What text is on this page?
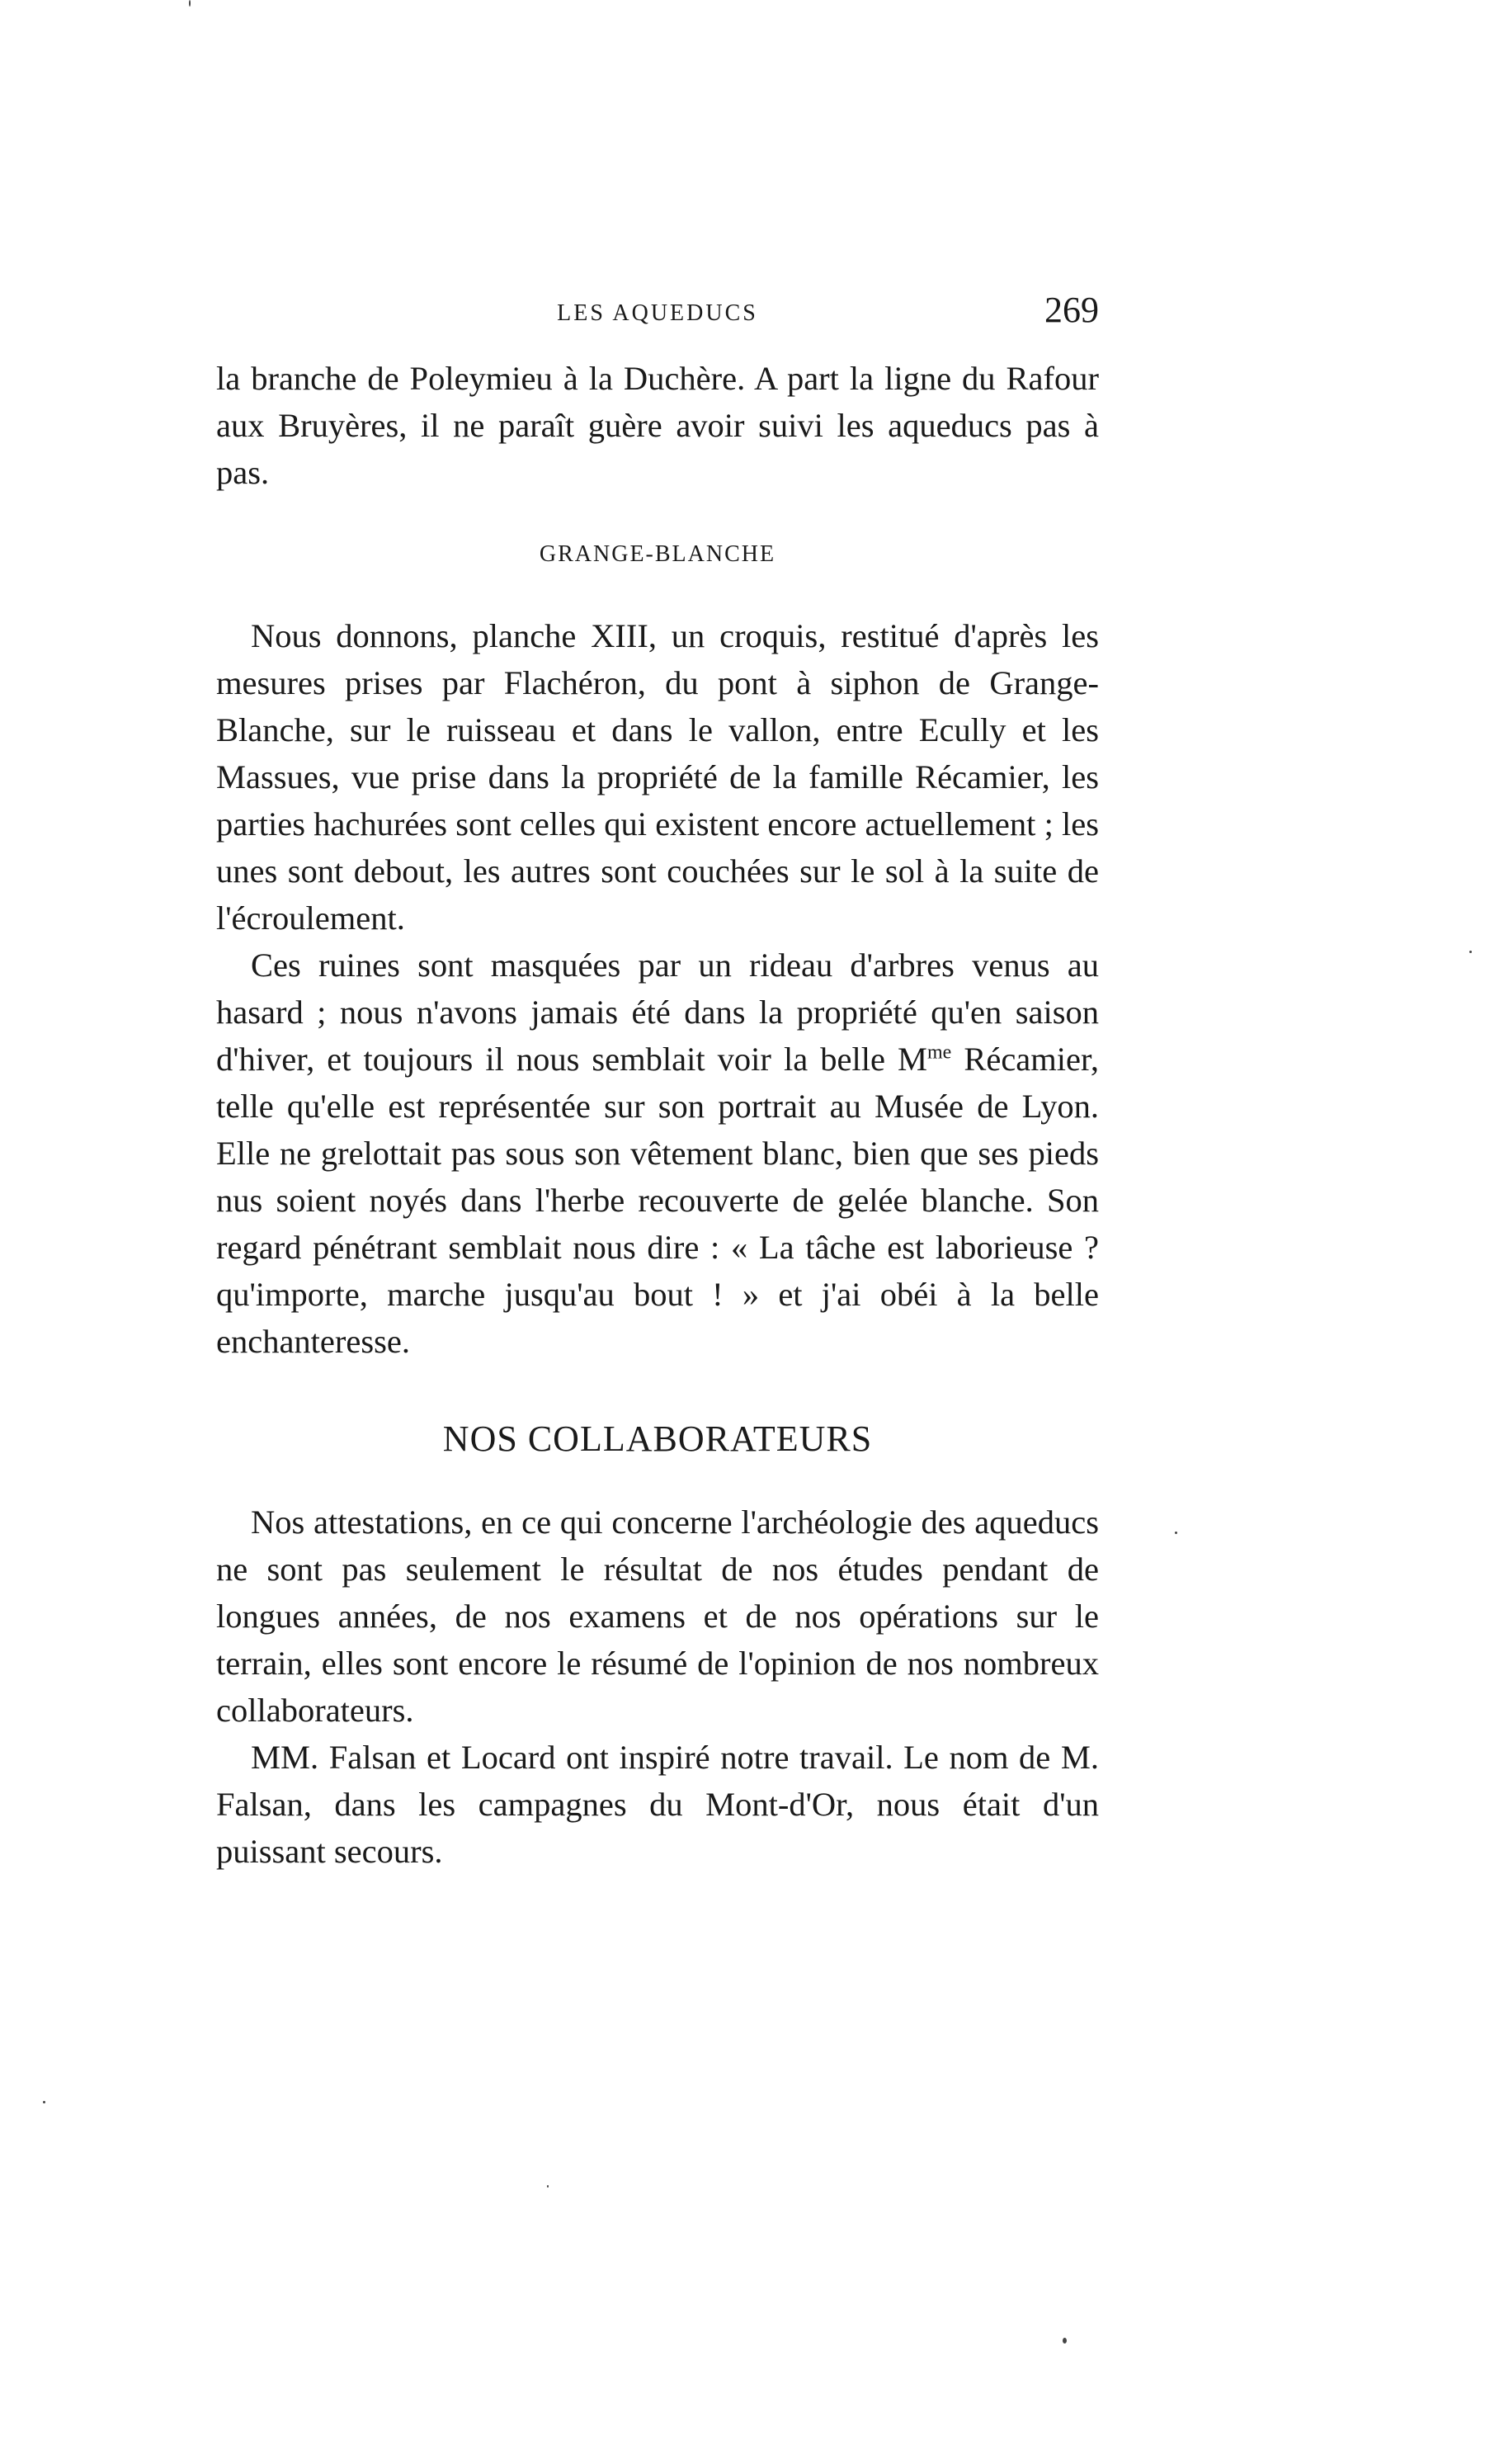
LES AQUEDUCS	269

la branche de Poleymieu à la Duchère. A part la ligne du Rafour aux Bruyères, il ne paraît guère avoir suivi les aqueducs pas à pas.

GRANGE-BLANCHE

Nous donnons, planche XIII, un croquis, restitué d'après les mesures prises par Flachéron, du pont à siphon de Grange-Blanche, sur le ruisseau et dans le vallon, entre Ecully et les Massues, vue prise dans la propriété de la famille Récamier, les parties hachurées sont celles qui existent encore actuellement ; les unes sont debout, les autres sont couchées sur le sol à la suite de l'écroulement.

Ces ruines sont masquées par un rideau d'arbres venus au hasard ; nous n'avons jamais été dans la propriété qu'en saison d'hiver, et toujours il nous semblait voir la belle $M^{me}$ Récamier, telle qu'elle est représentée sur son portrait au Musée de Lyon. Elle ne grelottait pas sous son vêtement blanc, bien que ses pieds nus soient noyés dans l'herbe recouverte de gelée blanche. Son regard pénétrant semblait nous dire : « La tâche est laborieuse ? qu'importe, marche jusqu'au bout ! » et j'ai obéi à la belle enchanteresse.

NOS COLLABORATEURS

Nos attestations, en ce qui concerne l'archéologie des aqueducs ne sont pas seulement le résultat de nos études pendant de longues années, de nos examens et de nos opérations sur le terrain, elles sont encore le résumé de l'opinion de nos nombreux collaborateurs.

MM. Falsan et Locard ont inspiré notre travail. Le nom de M. Falsan, dans les campagnes du Mont-d'Or, nous était d'un puissant secours.
